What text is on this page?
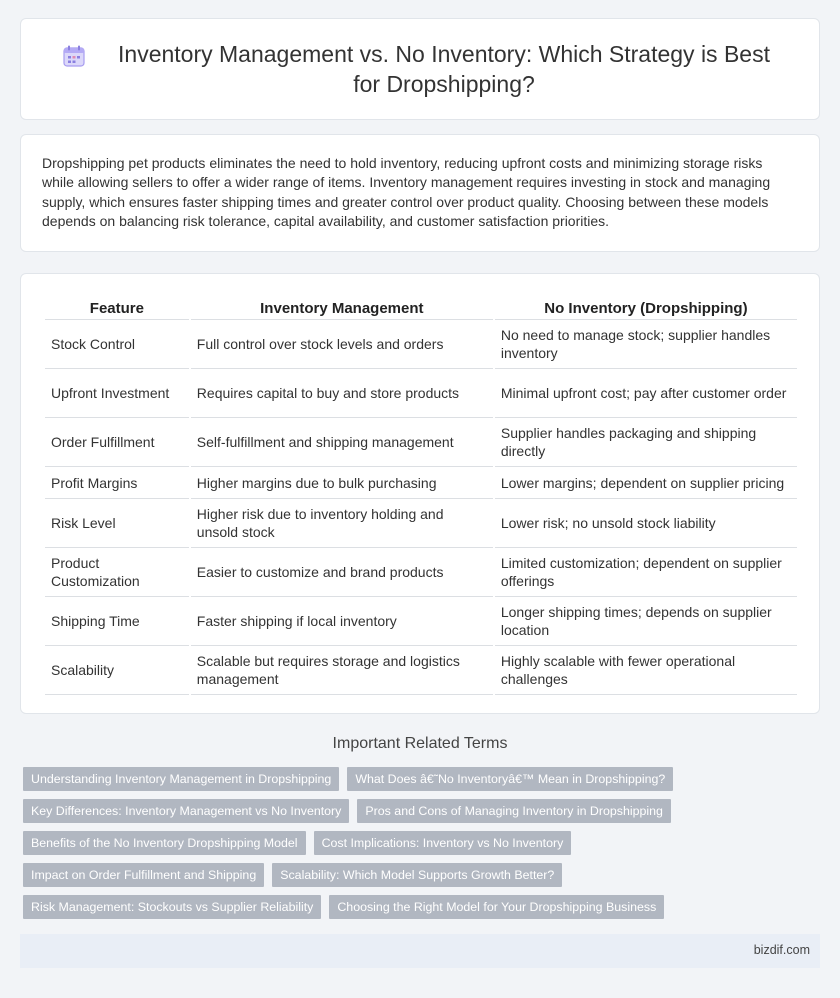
Inventory Management vs. No Inventory: Which Strategy is Best for Dropshipping?

Dropshipping pet products eliminates the need to hold inventory, reducing upfront costs and minimizing storage risks while allowing sellers to offer a wider range of items. Inventory management requires investing in stock and managing supply, which ensures faster shipping times and greater control over product quality. Choosing between these models depends on balancing risk tolerance, capital availability, and customer satisfaction priorities.

Feature	Inventory Management	No Inventory (Dropshipping)
Stock Control	Full control over stock levels and orders	No need to manage stock; supplier handles inventory
Upfront Investment	Requires capital to buy and store products	Minimal upfront cost; pay after customer order
Order Fulfillment	Self-fulfillment and shipping management	Supplier handles packaging and shipping directly
Profit Margins	Higher margins due to bulk purchasing	Lower margins; dependent on supplier pricing
Risk Level	Higher risk due to inventory holding and unsold stock	Lower risk; no unsold stock liability
Product Customization	Easier to customize and brand products	Limited customization; dependent on supplier offerings
Shipping Time	Faster shipping if local inventory	Longer shipping times; depends on supplier location
Scalability	Scalable but requires storage and logistics management	Highly scalable with fewer operational challenges
Important Related Terms
Understanding Inventory Management in Dropshipping	What Does â€˜No Inventoryâ€™ Mean in Dropshipping?
Key Differences: Inventory Management vs No Inventory	Pros and Cons of Managing Inventory in Dropshipping
Benefits of the No Inventory Dropshipping Model	Cost Implications: Inventory vs No Inventory
Impact on Order Fulfillment and Shipping	Scalability: Which Model Supports Growth Better?
Risk Management: Stockouts vs Supplier Reliability	Choosing the Right Model for Your Dropshipping Business
bizdif.com
